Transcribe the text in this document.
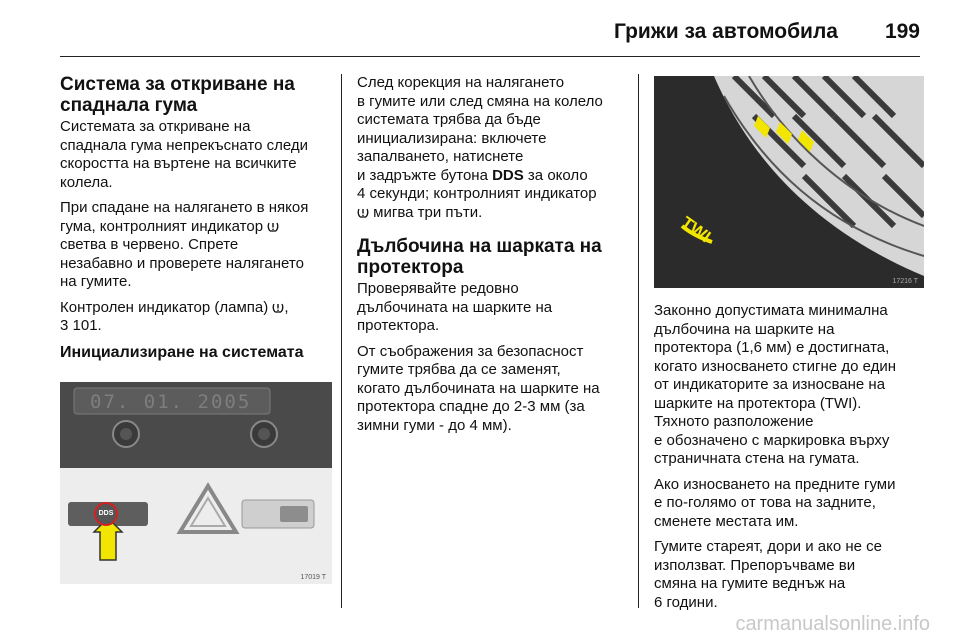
Грижи за автомобила 199
Система за откриване на
спаднала гума

Системата за откриване на
спаднала гума непрекъснато следи
скоростта на въртене на всичките
колела.

При спадане на налягането в някоя
гума, контролният индикатор
светва в червено. Спрете
незабавно и проверете налягането
на гумите.

Контролен индикатор (лампа) ,
3 101.

Инициализиране на системата
07. 01. 2005
DDS
17019 T

След корекция на налягането
в гумите или след смяна на колело
системата трябва да бъде
инициализирана: включете
запалването, натиснете
и задръжте бутона DDS за около
4 секунди; контролният индикатор
мигва три пъти.

Дълбочина на шарката на
протектора

Проверявайте редовно
дълбочината на шарките на
протектора.

От съображения за безопасност
гумите трябва да се заменят,
когато дълбочината на шарките на
протектора спадне до 2-3 мм (за
зимни гуми - до 4 мм).

TWI
17216 T

Законно допустимата минимална
дълбочина на шарките на
протектора (1,6 мм) е достигната,
когато износването стигне до един
от индикаторите за износване на
шарките на протектора (TWI).
Тяхното разположение
е обозначено с маркировка върху
страничната стена на гумата.

Ако износването на предните гуми
е по-голямо от това на задните,
сменете местата им.

Гумите стареят, дори и ако не се
използват. Препоръчваме ви
смяна на гумите веднъж на
6 години.

carmanualsonline.info
